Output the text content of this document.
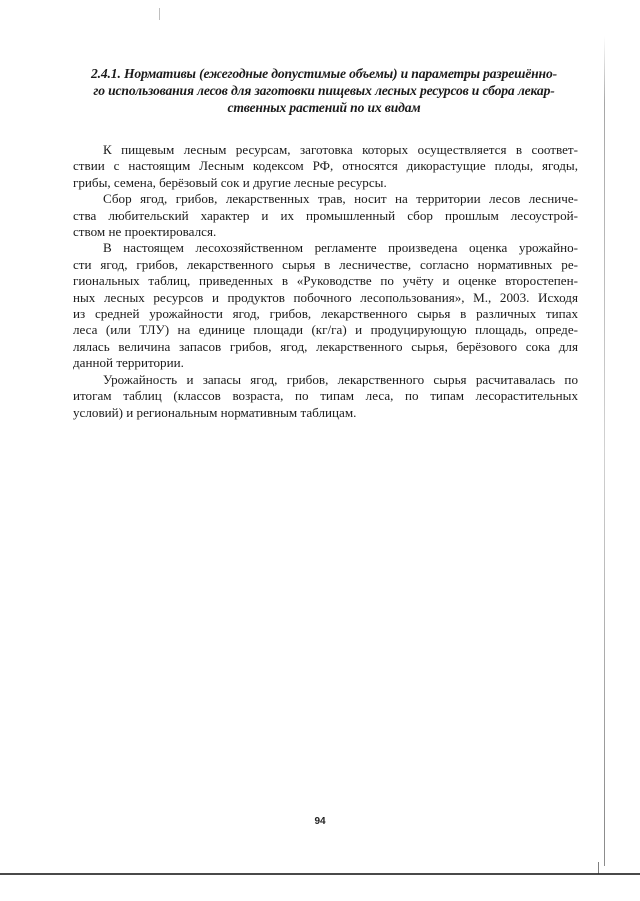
2.4.1. Нормативы (ежегодные допустимые объемы) и параметры разрешённо-
го использования лесов для заготовки пищевых лесных ресурсов и сбора лекар-
ственных растений по их видам

К пищевым лесным ресурсам, заготовка которых осуществляется в соответ-
ствии с настоящим Лесным кодексом РФ, относятся дикорастущие плоды, ягоды,
грибы, семена, берёзовый сок и другие лесные ресурсы.

Сбор ягод, грибов, лекарственных трав, носит на территории лесов лесниче-
ства любительский характер и их промышленный сбор прошлым лесоустрой-
ством не проектировался.

В настоящем лесохозяйственном регламенте произведена оценка урожайно-
сти ягод, грибов, лекарственного сырья в лесничестве, согласно нормативных ре-
гиональных таблиц, приведенных в «Руководстве по учёту и оценке второстепен-
ных лесных ресурсов и продуктов побочного лесопользования», М., 2003. Исходя
из средней урожайности ягод, грибов, лекарственного сырья в различных типах
леса (или ТЛУ) на единице площади (кг/га) и продуцирующую площадь, опреде-
лялась величина запасов грибов, ягод, лекарственного сырья, берёзового сока для
данной территории.

Урожайность и запасы ягод, грибов, лекарственного сырья расчитавалась по
итогам таблиц (классов возраста, по типам леса, по типам лесорастительных
условий) и региональным нормативным таблицам.

94
